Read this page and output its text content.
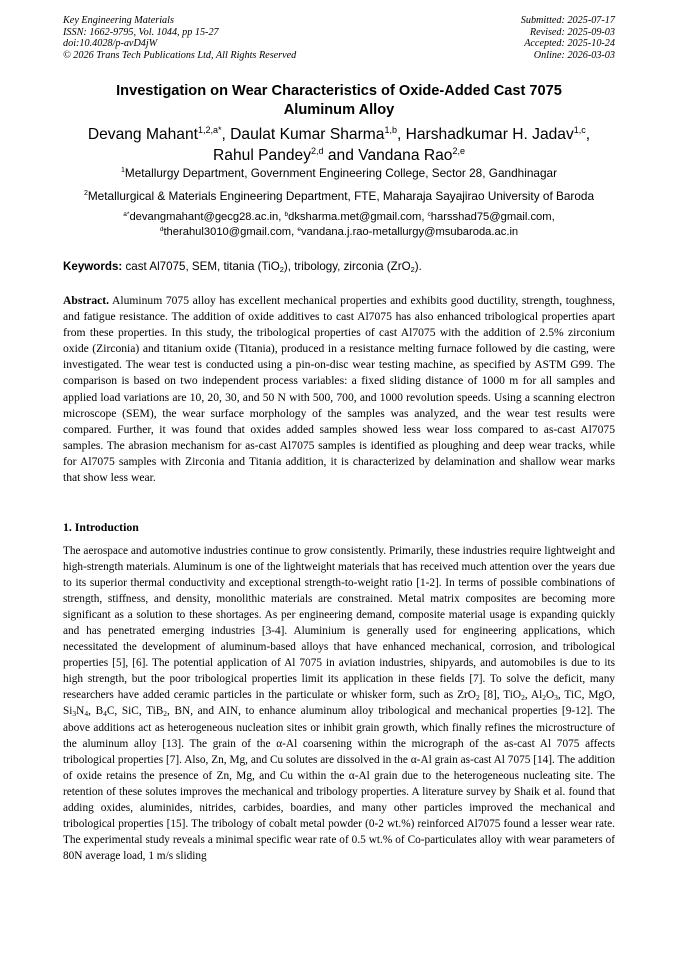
Key Engineering Materials
ISSN: 1662-9795, Vol. 1044, pp 15-27
doi:10.4028/p-avD4jW
© 2026 Trans Tech Publications Ltd, All Rights Reserved
Submitted: 2025-07-17
Revised: 2025-09-03
Accepted: 2025-10-24
Online: 2026-03-03
Investigation on Wear Characteristics of Oxide-Added Cast 7075
Aluminum Alloy
Devang Mahant$^{1,2,a*}$, Daulat Kumar Sharma$^{1,b}$, Harshadkumar H. Jadav$^{1,c}$,
Rahul Pandey$^{2,d}$ and Vandana Rao$^{2,e}$
$^1$Metallurgy Department, Government Engineering College, Sector 28, Gandhinagar
$^2$Metallurgical & Materials Engineering Department, FTE, Maharaja Sayajirao University of Baroda
$^{a*}$devangmahant@gecg28.ac.in, $^b$dksharma.met@gmail.com, $^c$harsshad75@gmail.com,
$^d$therahul3010@gmail.com, $^e$vandana.j.rao-metallurgy@msubaroda.ac.in
Keywords: cast Al7075, SEM, titania (TiO$_2$), tribology, zirconia (ZrO$_2$).
Abstract. Aluminum 7075 alloy has excellent mechanical properties and exhibits good ductility, strength, toughness, and fatigue resistance. The addition of oxide additives to cast Al7075 has also enhanced tribological properties apart from these properties. In this study, the tribological properties of cast Al7075 with the addition of 2.5% zirconium oxide (Zirconia) and titanium oxide (Titania), produced in a resistance melting furnace followed by die casting, were investigated. The wear test is conducted using a pin-on-disc wear testing machine, as specified by ASTM G99. The comparison is based on two independent process variables: a fixed sliding distance of 1000 m for all samples and applied load variations are 10, 20, 30, and 50 N with 500, 700, and 1000 revolution speeds. Using a scanning electron microscope (SEM), the wear surface morphology of the samples was analyzed, and the wear test results were compared. Further, it was found that oxides added samples showed less wear loss compared to as-cast Al7075 samples. The abrasion mechanism for as-cast Al7075 samples is identified as ploughing and deep wear tracks, while for Al7075 samples with Zirconia and Titania addition, it is characterized by delamination and shallow wear marks that show less wear.
1. Introduction
The aerospace and automotive industries continue to grow consistently. Primarily, these industries require lightweight and high-strength materials. Aluminum is one of the lightweight materials that has received much attention over the years due to its superior thermal conductivity and exceptional strength-to-weight ratio [1-2]. In terms of possible combinations of strength, stiffness, and density, monolithic materials are constrained. Metal matrix composites are becoming more significant as a solution to these shortages. As per engineering demand, composite material usage is expanding quickly and has penetrated emerging industries [3-4]. Aluminium is generally used for engineering applications, which necessitated the development of aluminum-based alloys that have enhanced mechanical, corrosion, and tribological properties [5], [6]. The potential application of Al 7075 in aviation industries, shipyards, and automobiles is due to its high strength, but the poor tribological properties limit its application in these fields [7]. To solve the deficit, many researchers have added ceramic particles in the particulate or whisker form, such as ZrO$_2$ [8], TiO$_2$, $Al_2O_3$, TiC, MgO, $Si_3N_4$, $B_4C$, SiC, TiB$_2$, BN, and AIN, to enhance aluminum alloy tribological and mechanical properties [9-12]. The above additions act as heterogeneous nucleation sites or inhibit grain growth, which finally refines the microstructure of the aluminum alloy [13]. The grain of the α-Al coarsening within the micrograph of the as-cast Al 7075 affects tribological properties [7]. Also, Zn, Mg, and Cu solutes are dissolved in the α-Al grain as-cast Al 7075 [14]. The addition of oxide retains the presence of Zn, Mg, and Cu within the α-Al grain due to the heterogeneous nucleating site. The retention of these solutes improves the mechanical and tribology properties. A literature survey by Shaik et al. found that adding oxides, aluminides, nitrides, carbides, boardies, and many other particles improved the mechanical and tribological properties [15]. The tribology of cobalt metal powder (0-2 wt.%) reinforced Al7075 found a lesser wear rate. The experimental study reveals a minimal specific wear rate of 0.5 wt.% of Co-particulates alloy with wear parameters of 80N average load, 1 m/s sliding
